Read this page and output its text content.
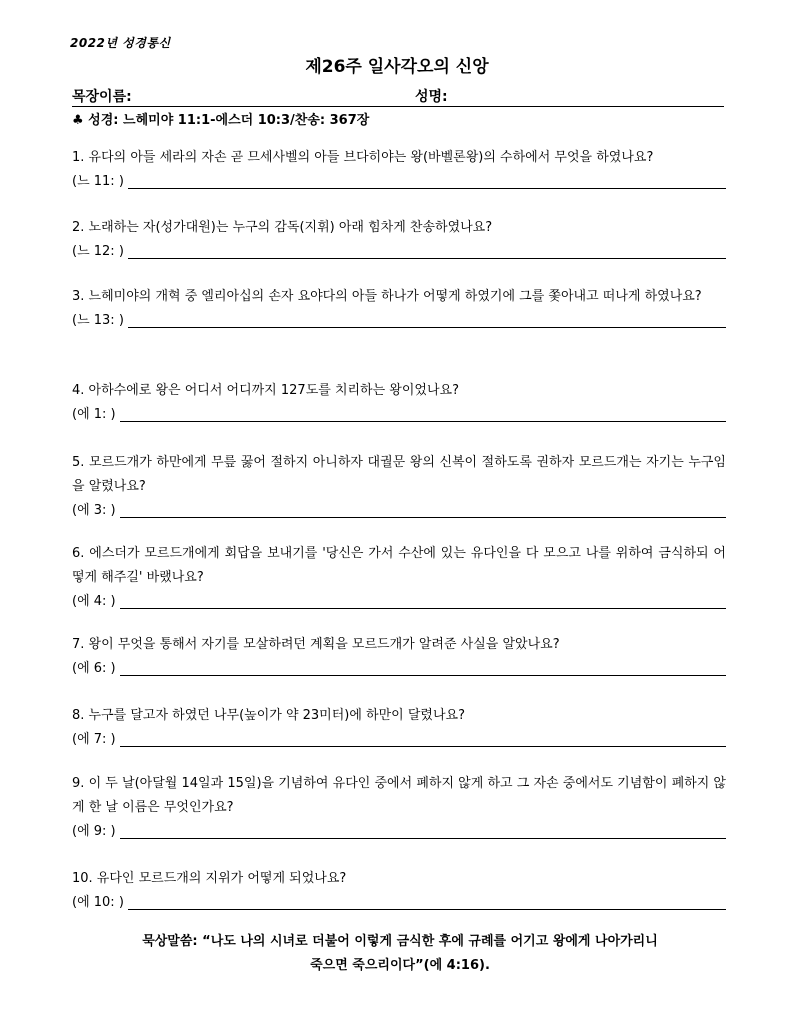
2022년 성경통신
제26주 일사각오의 신앙
목장이름:	성명:
♣ 성경: 느헤미야 11:1-에스더 10:3/찬송: 367장
1. 유다의 아들 세라의 자손 곧 므세사벨의 아들 브다히야는 왕(바벨론왕)의 수하에서 무엇을 하였나요?
(느 11: )
2. 노래하는 자(성가대원)는 누구의 감독(지휘) 아래 힘차게 찬송하였나요?
(느 12: )
3. 느헤미야의 개혁 중 엘리아십의 손자 요야다의 아들 하나가 어떻게 하였기에 그를 쫓아내고 떠나게 하였나요?
(느 13: )
4. 아하수에로 왕은 어디서 어디까지 127도를 치리하는 왕이었나요?
(에 1: )
5. 모르드개가 하만에게 무릎 꿇어 절하지 아니하자 대궐문 왕의 신복이 절하도록 권하자 모르드개는 자기는 누구임을 알렸나요?
(에 3: )
6. 에스더가 모르드개에게 회답을 보내기를 '당신은 가서 수산에 있는 유다인을 다 모으고 나를 위하여 금식하되 어떻게 해주길' 바랬나요?
(에 4: )
7. 왕이 무엇을 통해서 자기를 모살하려던 계획을 모르드개가 알려준 사실을 알았나요?
(에 6: )
8. 누구를 달고자 하였던 나무(높이가 약 23미터)에 하만이 달렸나요?
(에 7: )
9. 이 두 날(아달월 14일과 15일)을 기념하여 유다인 중에서 폐하지 않게 하고 그 자손 중에서도 기념함이 폐하지 않게 한 날 이름은 무엇인가요?
(에 9: )
10. 유다인 모르드개의 지위가 어떻게 되었나요?
(에 10: )
묵상말씀: “나도 나의 시녀로 더불어 이렇게 금식한 후에 규례를 어기고 왕에게 나아가리니
죽으면 죽으리이다”(에 4:16).
